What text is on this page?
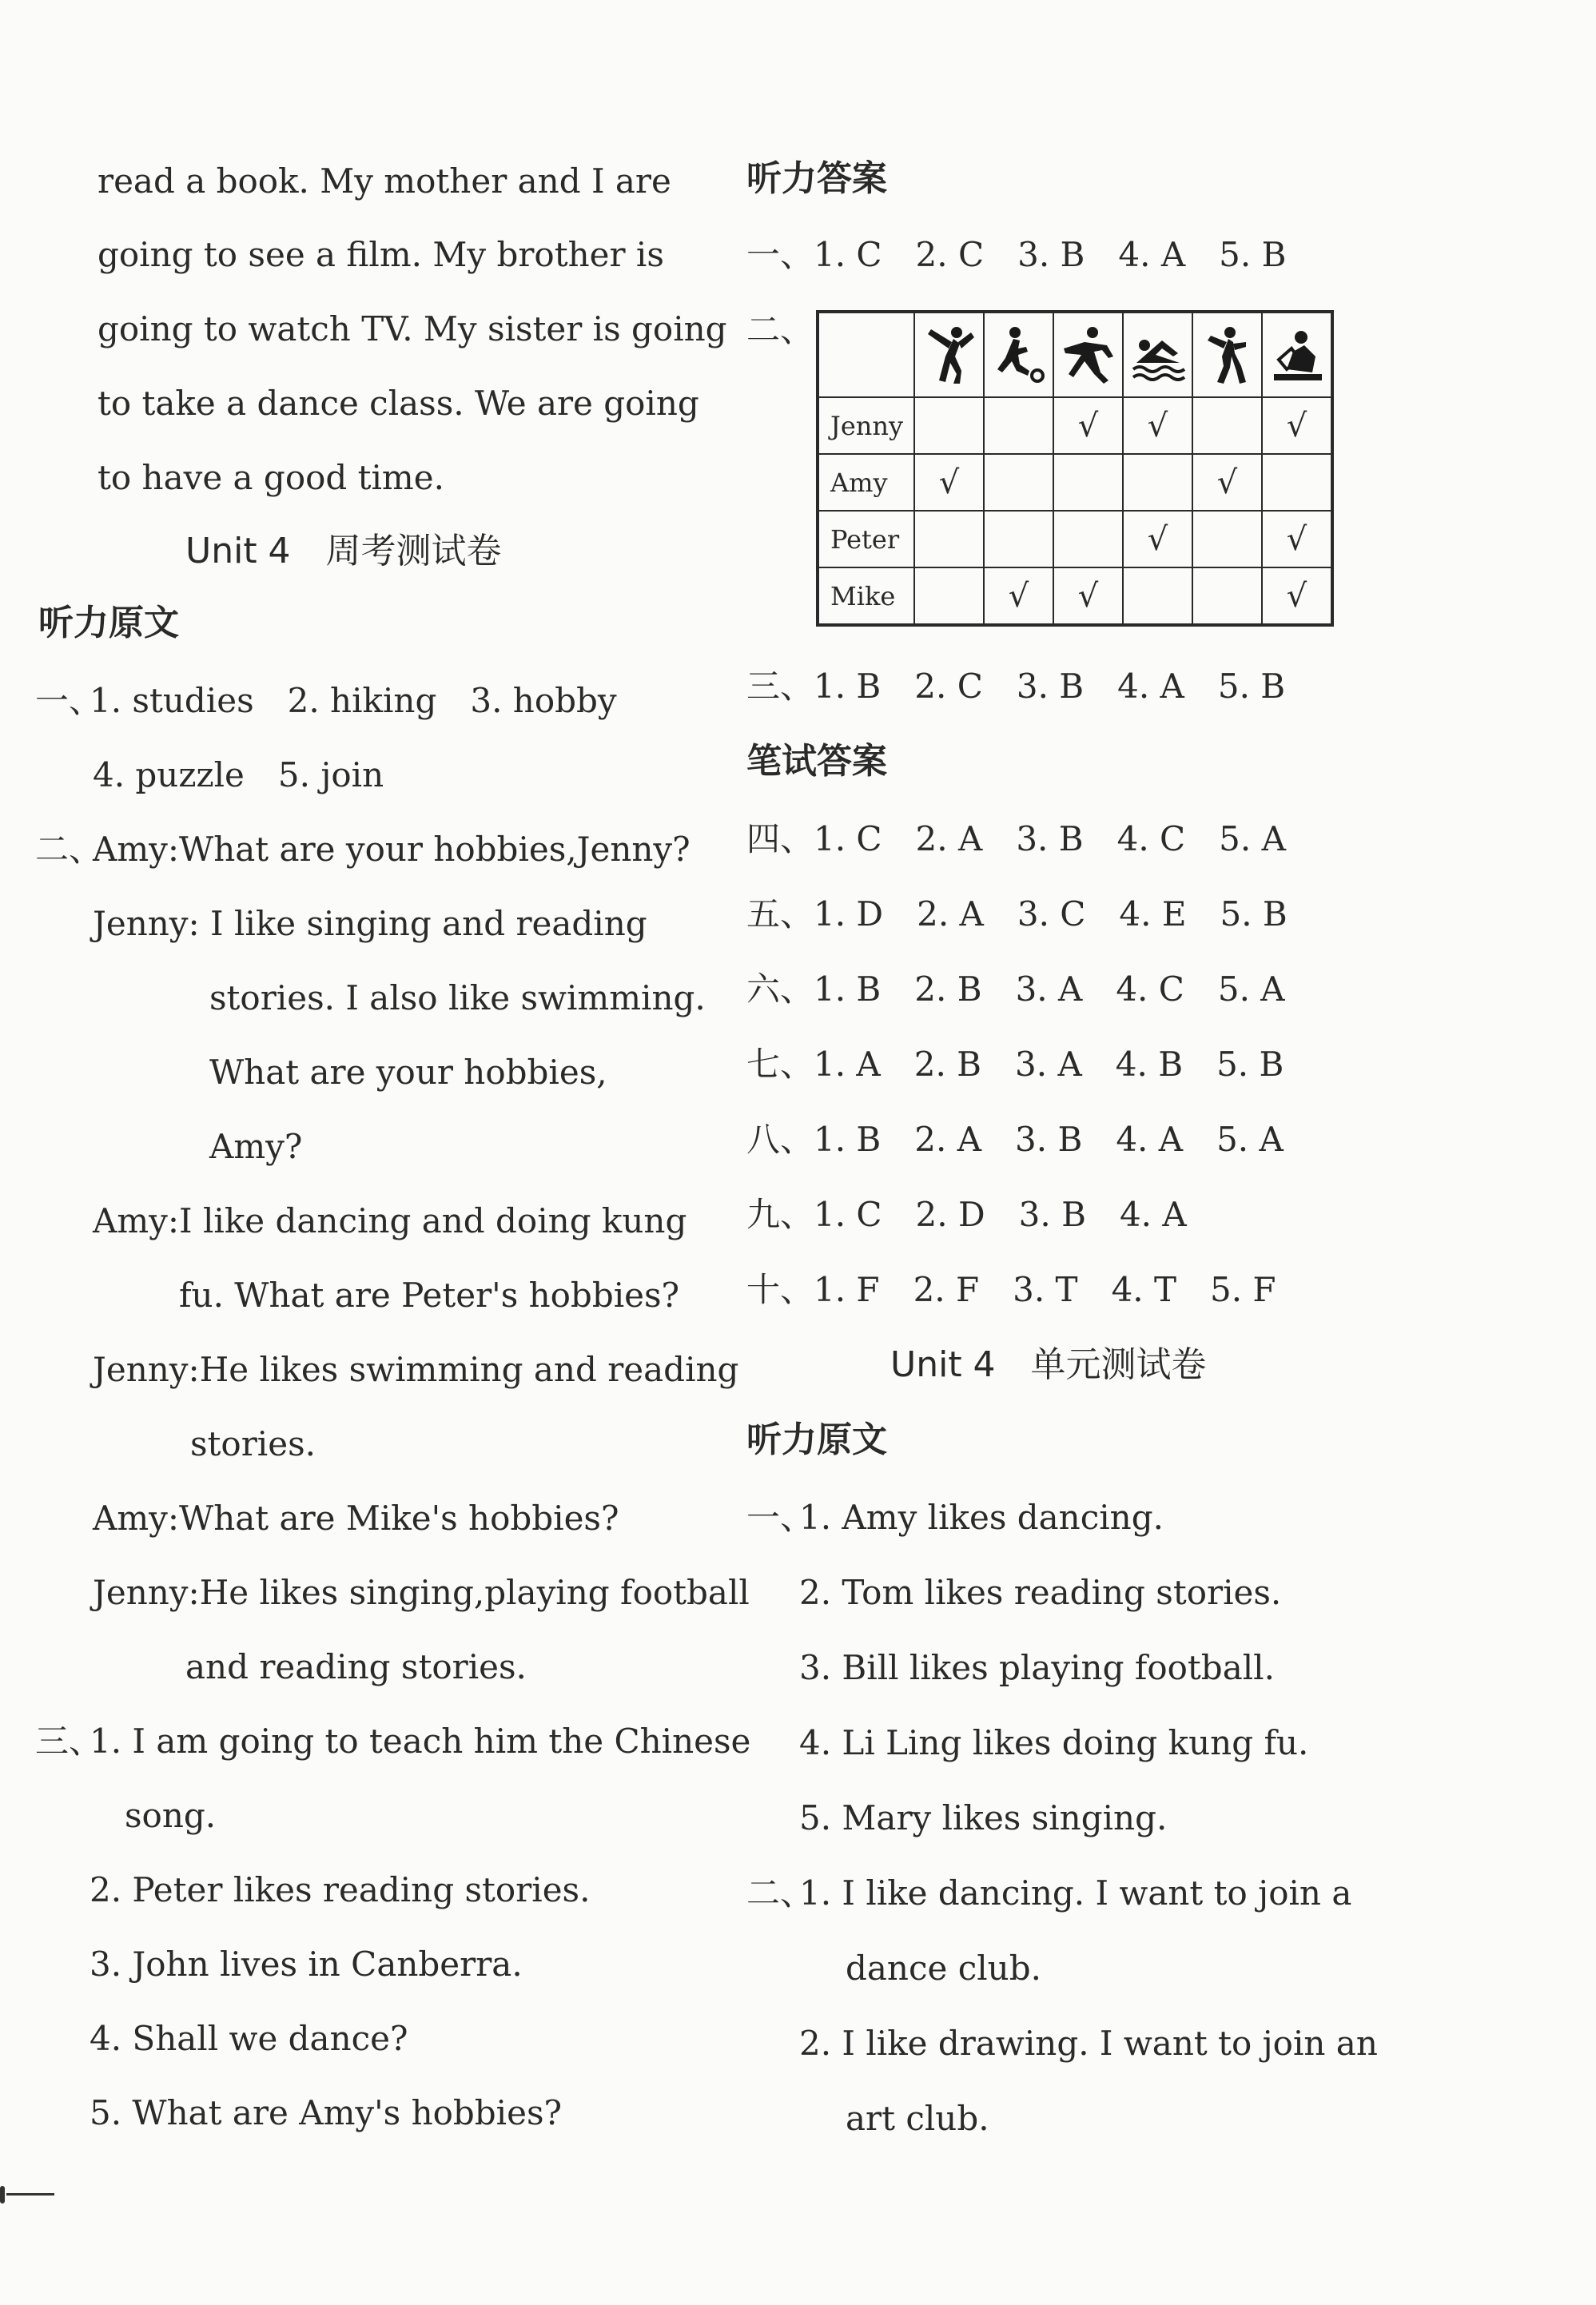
read a book. My mother and I are
going to see a film. My brother is
going to watch TV. My sister is going
to take a dance class. We are going
to have a good time.
Unit 4　周考测试卷
听力原文
一、
1. studies　2. hiking　3. hobby
4. puzzle　5. join
二、
Amy:What are your hobbies,Jenny?
Jenny: I like singing and reading
stories. I also like swimming.
What are your hobbies,
Amy?
Amy:I like dancing and doing kung
fu. What are Peter's hobbies?
Jenny:He likes swimming and reading
stories.
Amy:What are Mike's hobbies?
Jenny:He likes singing,playing football
and reading stories.
三、
1. I am going to teach him the Chinese
song.
2. Peter likes reading stories.
3. John lives in Canberra.
4. Shall we dance?
5. What are Amy's hobbies?
听力答案
一、1. C　2. C　3. B　4. A　5. B
二、

Jenny			√	√		√
Amy	√				√	
Peter				√		√
Mike		√	√			√
三、1. B　2. C　3. B　4. A　5. B
笔试答案
四、1. C　2. A　3. B　4. C　5. A
五、1. D　2. A　3. C　4. E　5. B
六、1. B　2. B　3. A　4. C　5. A
七、1. A　2. B　3. A　4. B　5. B
八、1. B　2. A　3. B　4. A　5. A
九、1. C　2. D　3. B　4. A
十、1. F　2. F　3. T　4. T　5. F
Unit 4　单元测试卷
听力原文
一、
1. Amy likes dancing.
2. Tom likes reading stories.
3. Bill likes playing football.
4. Li Ling likes doing kung fu.
5. Mary likes singing.
二、
1. I like dancing. I want to join a
dance club.
2. I like drawing. I want to join an
art club.
